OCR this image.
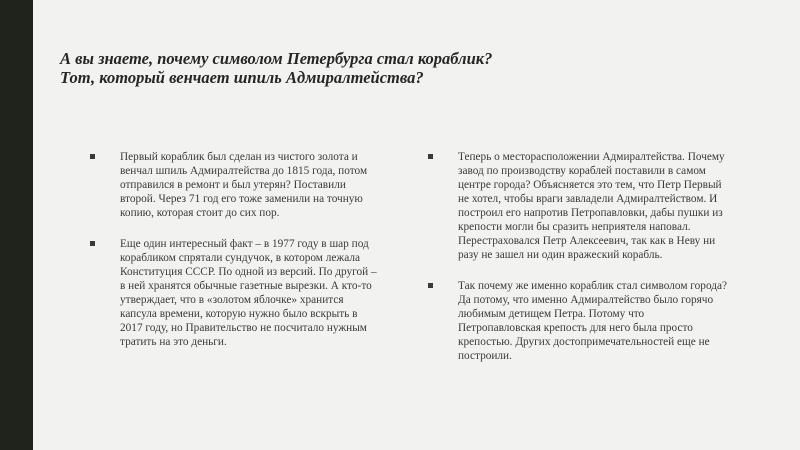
А вы знаете, почему символом Петербурга стал кораблик?
Тот, который венчает шпиль Адмиралтейства?
Первый кораблик был сделан из чистого золота и венчал шпиль Адмиралтейства до 1815 года, потом отправился в ремонт и был утерян? Поставили второй. Через 71 год его тоже заменили на точную копию, которая стоит до сих пор.
Еще один интересный факт – в 1977 году в шар под корабликом спрятали сундучок, в котором лежала Конституция СССР. По одной из версий. По другой – в ней хранятся обычные газетные вырезки. А кто-то утверждает, что в «золотом яблочке» хранится капсула времени, которую нужно было вскрыть в 2017 году, но Правительство не посчитало нужным тратить на это деньги.
Теперь о месторасположении Адмиралтейства. Почему завод по производству кораблей поставили в самом центре города? Объясняется это тем, что Петр Первый не хотел, чтобы враги завладели Адмиралтейством. И построил его напротив Петропавловки, дабы пушки из крепости могли бы сразить неприятеля наповал. Перестраховался Петр Алексеевич, так как в Неву ни разу не зашел ни один вражеский корабль.
Так почему же именно кораблик стал символом города? Да потому, что именно Адмиралтейство было горячо любимым детищем Петра. Потому что Петропавловская крепость для него была просто крепостью. Других достопримечательностей еще не построили.
